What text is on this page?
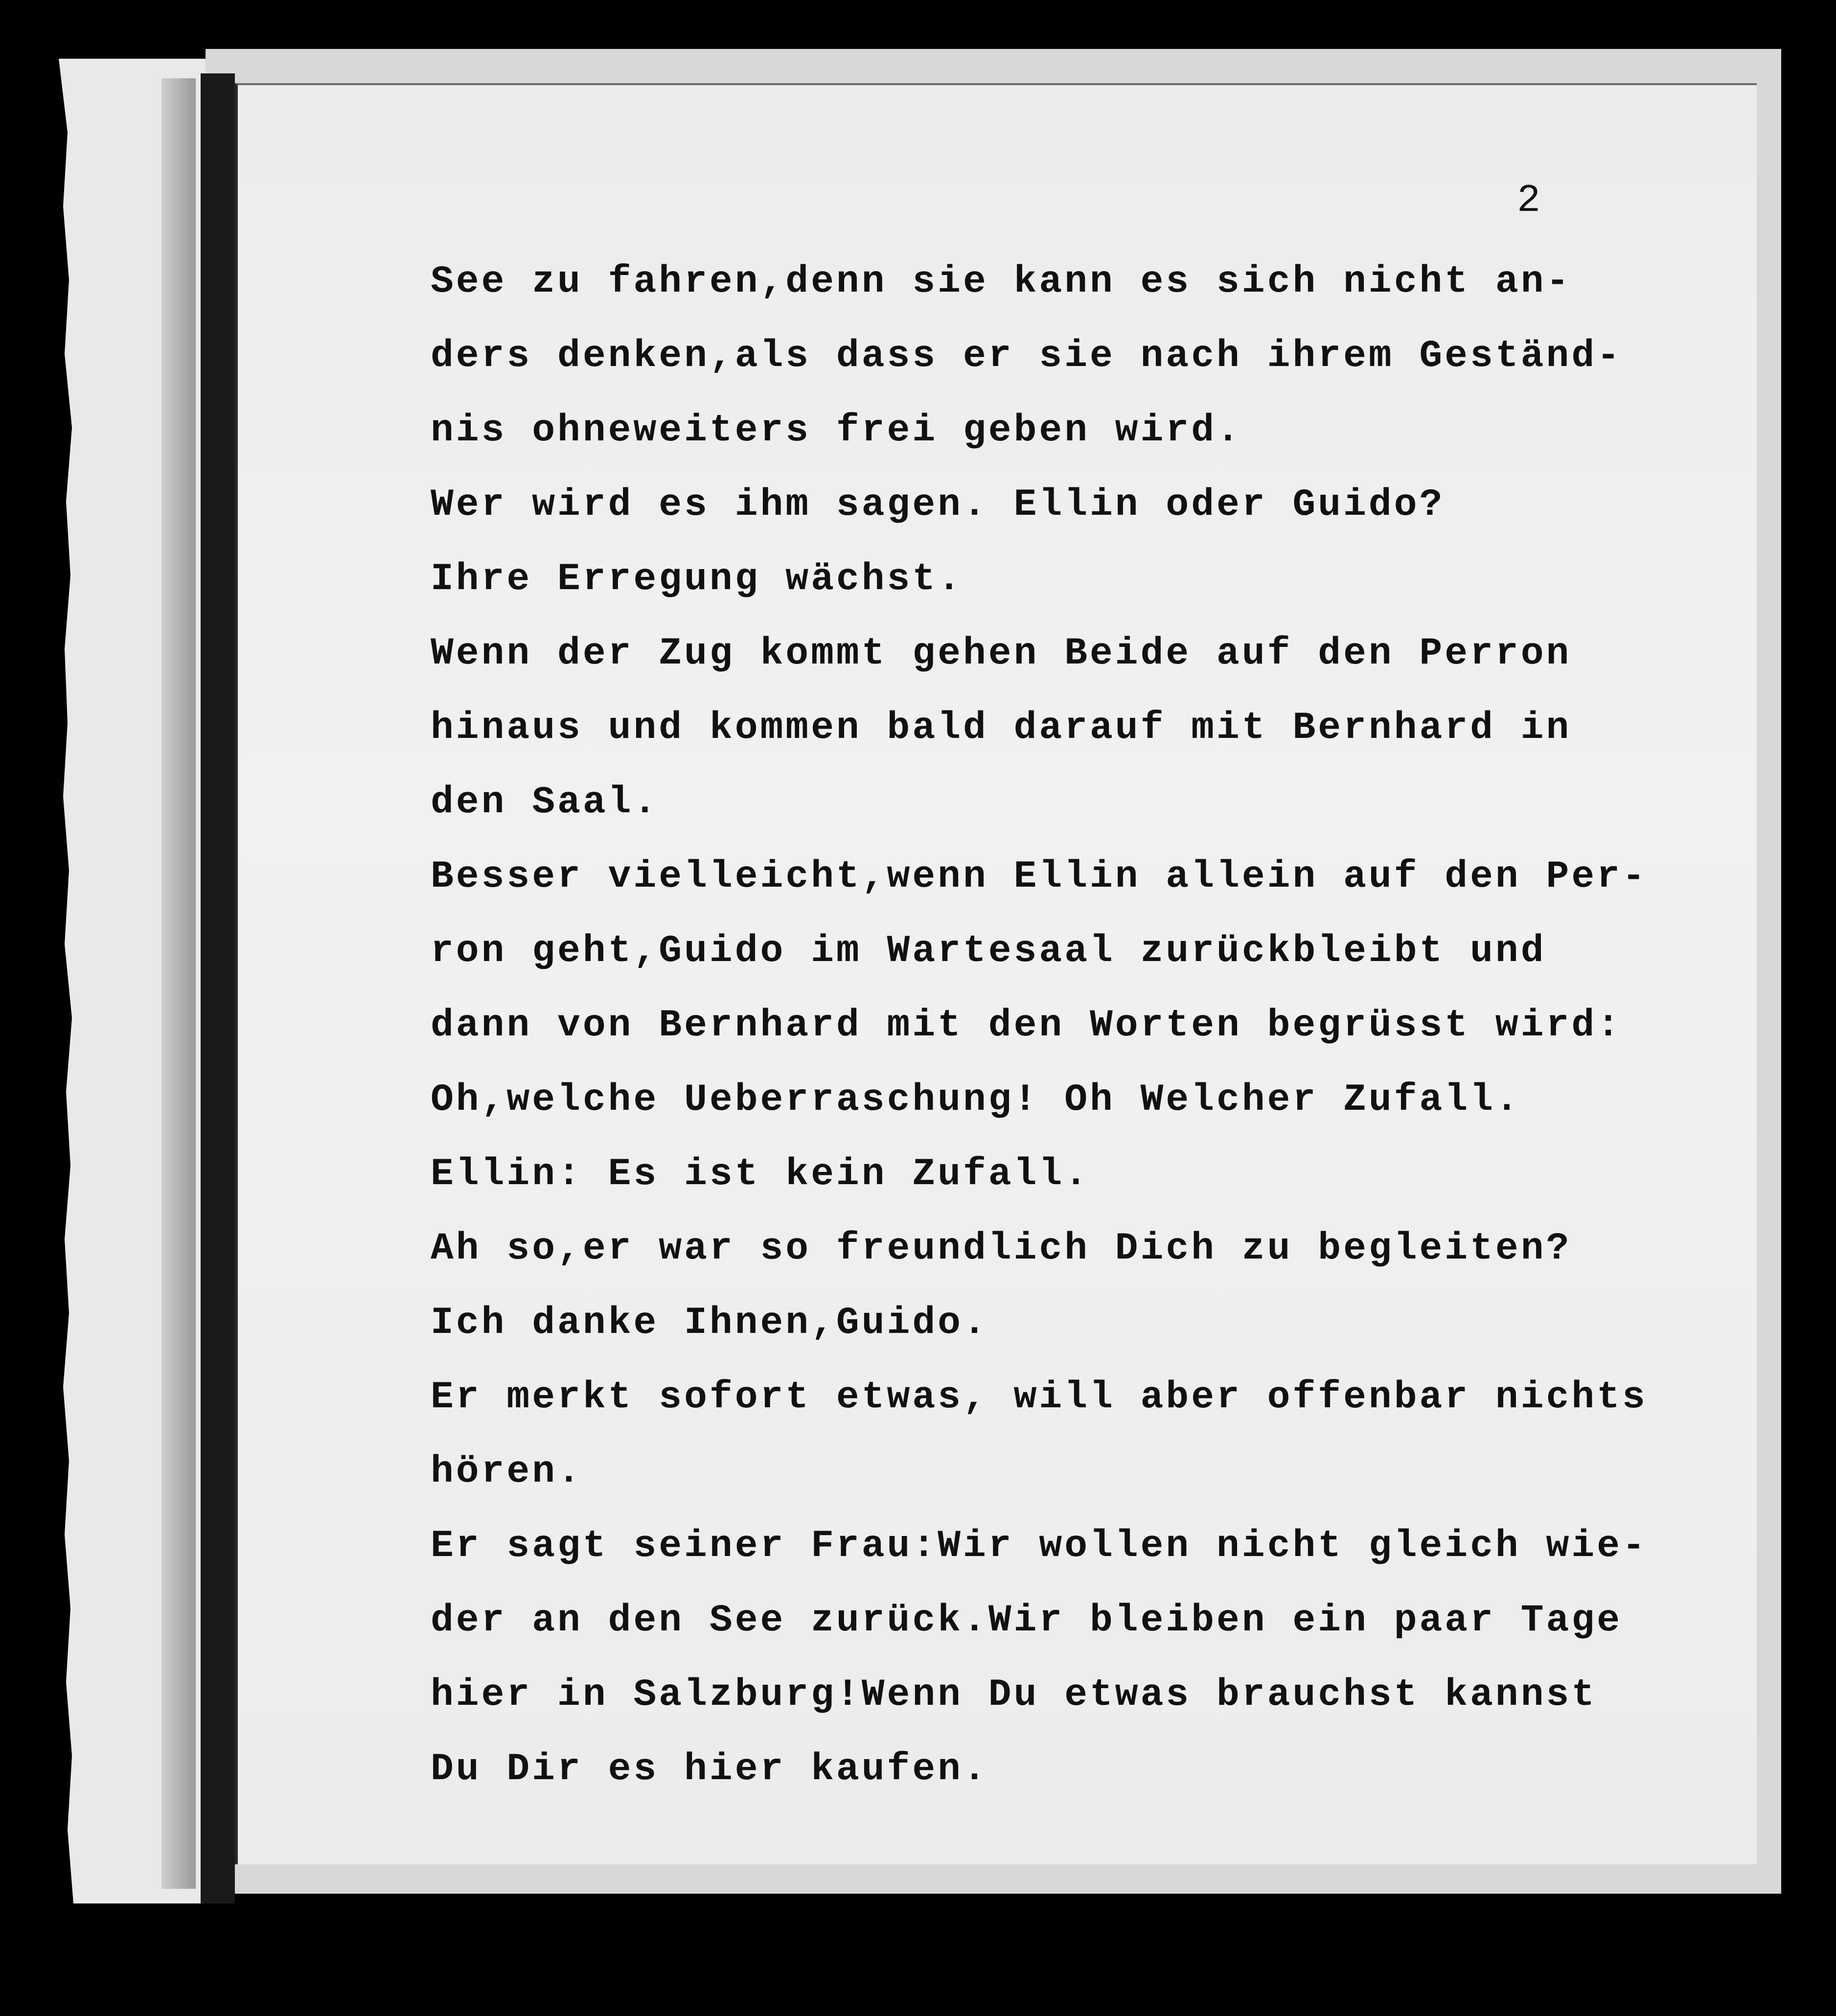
2
See zu fahren,denn sie kann es sich nicht an-
ders denken,als dass er sie nach ihrem Geständ-
nis ohneweiters frei geben wird.
Wer wird es ihm sagen. Ellin oder Guido?
Ihre Erregung wächst.
Wenn der Zug kommt gehen Beide auf den Perron
hinaus und kommen bald darauf mit Bernhard in
den Saal.
Besser vielleicht,wenn Ellin allein auf den Per-
ron geht,Guido im Wartesaal zurückbleibt und
dann von Bernhard mit den Worten begrüsst wird:
Oh,welche Ueberraschung! Oh Welcher Zufall.
Ellin: Es ist kein Zufall.
Ah so,er war so freundlich Dich zu begleiten?
Ich danke Ihnen,Guido.
Er merkt sofort etwas, will aber offenbar nichts
hören.
Er sagt seiner Frau:Wir wollen nicht gleich wie-
der an den See zurück.Wir bleiben ein paar Tage
hier in Salzburg!Wenn Du etwas brauchst kannst
Du Dir es hier kaufen.
